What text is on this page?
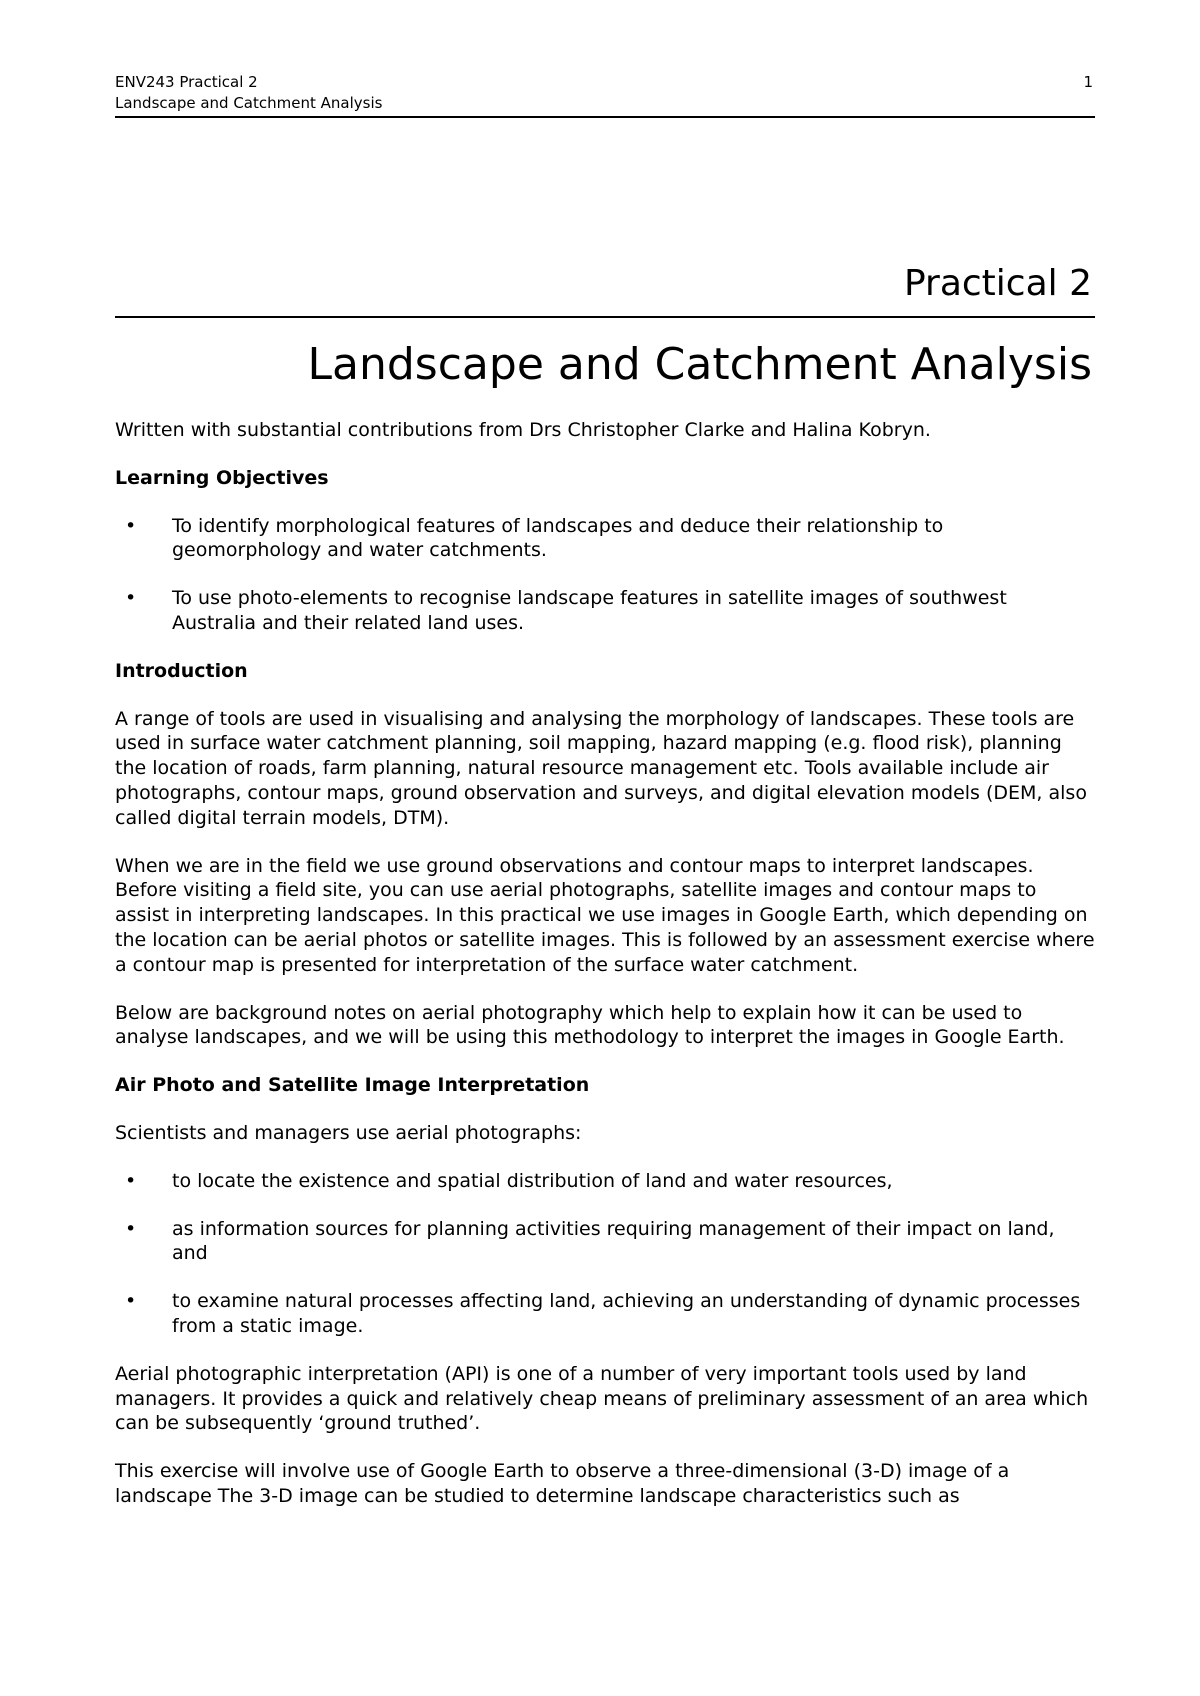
ENV243 Practical 2
Landscape and Catchment Analysis
1
Practical 2
Landscape and Catchment Analysis

Written with substantial contributions from Drs Christopher Clarke and Halina Kobryn.

Learning Objectives
• To identify morphological features of landscapes and deduce their relationship to geomorphology and water catchments.
• To use photo-elements to recognise landscape features in satellite images of southwest Australia and their related land uses.
Introduction

A range of tools are used in visualising and analysing the morphology of landscapes. These tools are used in surface water catchment planning, soil mapping, hazard mapping (e.g. flood risk), planning the location of roads, farm planning, natural resource management etc. Tools available include air photographs, contour maps, ground observation and surveys, and digital elevation models (DEM, also called digital terrain models, DTM).

When we are in the field we use ground observations and contour maps to interpret landscapes. Before visiting a field site, you can use aerial photographs, satellite images and contour maps to assist in interpreting landscapes. In this practical we use images in Google Earth, which depending on the location can be aerial photos or satellite images. This is followed by an assessment exercise where a contour map is presented for interpretation of the surface water catchment.

Below are background notes on aerial photography which help to explain how it can be used to analyse landscapes, and we will be using this methodology to interpret the images in Google Earth.

Air Photo and Satellite Image Interpretation

Scientists and managers use aerial photographs:

• to locate the existence and spatial distribution of land and water resources,
• as information sources for planning activities requiring management of their impact on land, and
• to examine natural processes affecting land, achieving an understanding of dynamic processes from a static image.

Aerial photographic interpretation (API) is one of a number of very important tools used by land managers. It provides a quick and relatively cheap means of preliminary assessment of an area which can be subsequently ‘ground truthed’.

This exercise will involve use of Google Earth to observe a three-dimensional (3-D) image of a landscape The 3-D image can be studied to determine landscape characteristics such as
